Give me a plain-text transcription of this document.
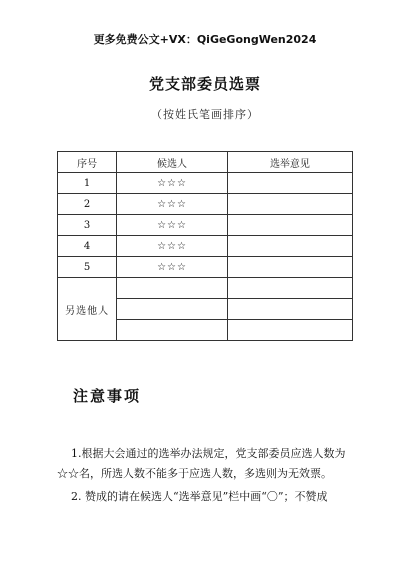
更多免费公文+VX：QiGeGongWen2024
党支部委员选票
（按姓氏笔画排序）
序号	候选人	选举意见
1	☆☆☆	
2	☆☆☆	
3	☆☆☆	
4	☆☆☆	
5	☆☆☆	
另选他人		

注意事项
1.根据大会通过的选举办法规定，党支部委员应选人数为☆☆名，所选人数不能多于应选人数，多选则为无效票。
2. 赞成的请在候选人“选举意见”栏中画“〇”；不赞成
